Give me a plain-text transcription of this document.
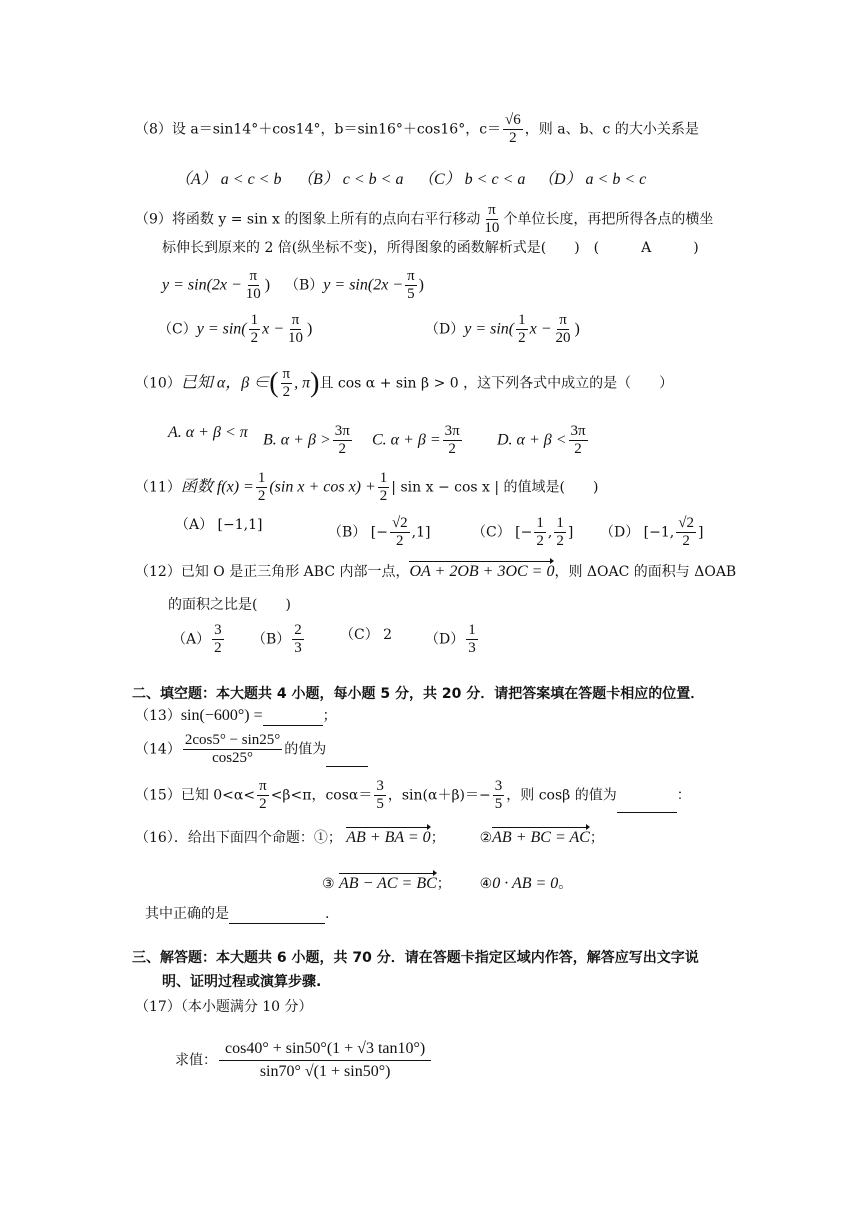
（8）设 a＝sin14°＋cos14°，b＝sin16°＋cos16°，$c= \frac{√6}{2}$ ，则 a、b、c 的大小关系是
（A） a < c < b （B） c < b < a （C） b < c < a （D） a < b < c
（9）将函数 y = sin x 的图象上所有的点向右平行移动 $\frac{\pi}{10}$ 个单位长度，再把所得各点的横坐
标伸长到原来的 2 倍(纵坐标不变)，所得图象的函数解析式是(　　)　(　　　A　　　)
$y = \sin(2x - \frac{\pi}{10}$ ) $(B)y = \sin(2x - \frac{\pi}{5}$ )
$(C)y = \sin( \frac{1}{2}$ $x - \frac{\pi}{10}$ )	$(D)y = \sin( \frac{1}{2}$ $x - \frac{\pi}{20}$ )
（10）已知 α，β ∈( $\frac{\pi}{2}$ , π)且 cos α + sin β > 0 ，这下列各式中成立的是（　　）
A. α + β < π B. $\alpha + \beta > \frac{3\pi}{2} C$. $\alpha + \beta = \frac{3\pi}{2} D$. $\alpha + \beta < \frac{3\pi}{2}$
（11）函数 $f(x) = \frac{1}{2} (\sin$ $x + \cos x) + \frac{1}{2}$ | sin x − cos x | 的值域是(　　)
（A） [−1,1]	（B） [− $\frac{√2}{2} ,1$]	（C） [− $\frac{1}{2}$ , $\frac{1}{2}$ ] （D） [−1, $\frac{√2}{2}$ ]
（12）已知 O 是正三角形 ABC 内部一点，OA + 2OB + 3OC = 0，则 ΔOAC 的面积与 ΔOAB
的面积之比是(　　)
$(A) \frac{3}{2} (B) \frac{2}{3}$	（C） 2 $(D) \frac{1}{3}$
二、填空题：本大题共 4 小题，每小题 5 分，共 20 分．请把答案填在答题卡相应的位置．
（13）sin(−600°) =	；
$(14) \frac{2\cos 5^\circ - \sin 25^\circ}{\cos 25^\circ}$ 的值为
（15）已知 $0<\alpha< \frac{\pi}{2} <\beta<\pi$，$\cos\alpha= \frac{3}{5}$ ，$\sin(\alpha+\beta)=- \frac{3}{5}$ ，则 cosβ 的值为	：
（16）．给出下面四个命题：①； AB + BA = 0； ②AB + BC = AC；
③ AB − AC = BC； ④0 · AB = 0。
其中正确的是	.
三、解答题：本大题共 6 小题，共 70 分．请在答题卡指定区域内作答，解答应写出文字说
明、证明过程或演算步骤.
（17）（本小题满分 10 分）
求值： $\frac{\cos 40^\circ + \sin 50^\circ(1 + √3 \tan 10^\circ)}{\sin 70^\circ √(1 + \sin 50^\circ)}$
